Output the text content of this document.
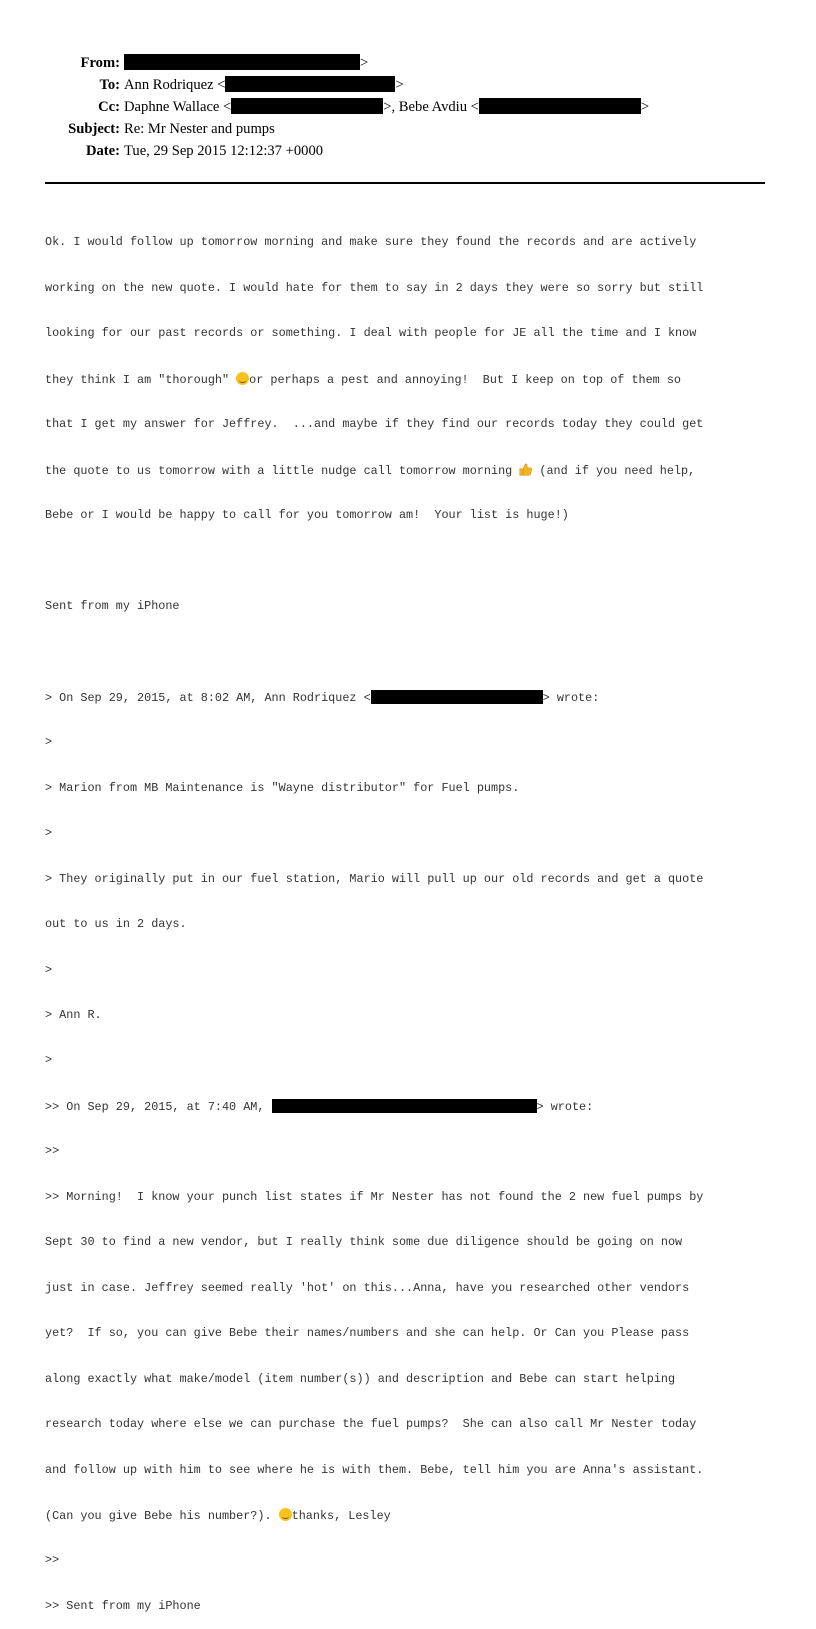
From:	>
To: Ann Rodriquez <	>
Cc: Daphne Wallace <	>, Bebe Avdiu <	>
Subject: Re: Mr Nester and pumps
Date: Tue, 29 Sep 2015 12:12:37 +0000

Ok. I would follow up tomorrow morning and make sure they found the records and are actively

working on the new quote. I would hate for them to say in 2 days they were so sorry but still

looking for our past records or something. I deal with people for JE all the time and I know

they think I am "thorough" or perhaps a pest and annoying!  But I keep on top of them so

that I get my answer for Jeffrey.  ...and maybe if they find our records today they could get

the quote to us tomorrow with a little nudge call tomorrow morning  (and if you need help,

Bebe or I would be happy to call for you tomorrow am!  Your list is huge!)

Sent from my iPhone

> On Sep 29, 2015, at 8:02 AM, Ann Rodriquez <	> wrote:

>

> Marion from MB Maintenance is "Wayne distributor" for Fuel pumps.

>

> They originally put in our fuel station, Mario will pull up our old records and get a quote

out to us in 2 days.

>

> Ann R.

>

>> On Sep 29, 2015, at 7:40 AM,	> wrote:

>>

>> Morning!  I know your punch list states if Mr Nester has not found the 2 new fuel pumps by

Sept 30 to find a new vendor, but I really think some due diligence should be going on now

just in case. Jeffrey seemed really 'hot' on this...Anna, have you researched other vendors

yet?  If so, you can give Bebe their names/numbers and she can help. Or Can you Please pass

along exactly what make/model (item number(s)) and description and Bebe can start helping

research today where else we can purchase the fuel pumps?  She can also call Mr Nester today

and follow up with him to see where he is with them. Bebe, tell him you are Anna's assistant.

(Can you give Bebe his number?). thanks, Lesley

>>

>> Sent from my iPhone
